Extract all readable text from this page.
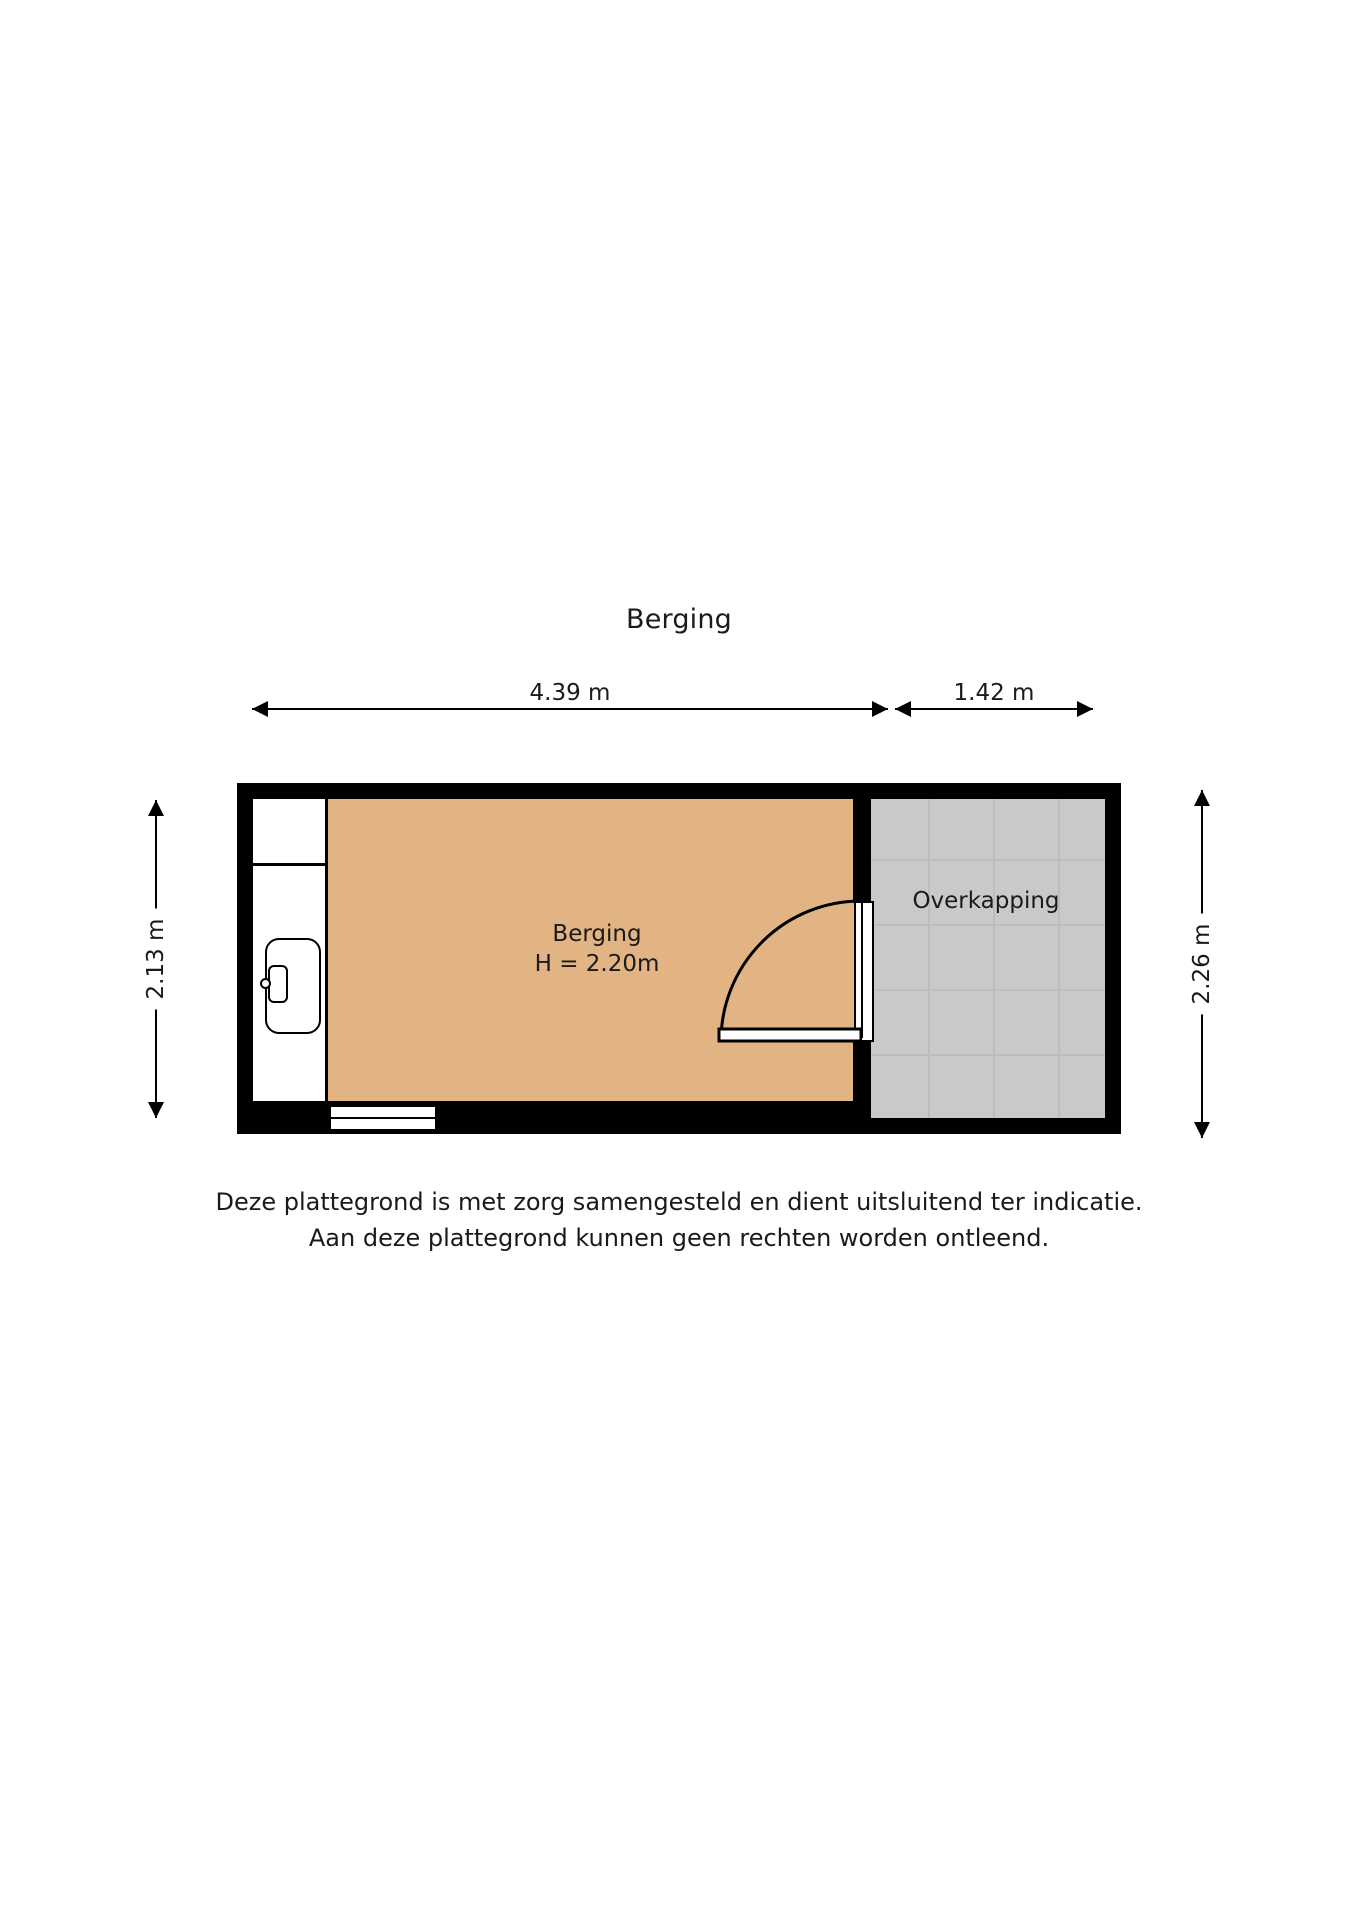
Berging
4.39 m	1.42 m
2.13 m	2.26 m
Berging
H = 2.20m
Overkapping
Deze plattegrond is met zorg samengesteld en dient uitsluitend ter indicatie.
Aan deze plattegrond kunnen geen rechten worden ontleend.
